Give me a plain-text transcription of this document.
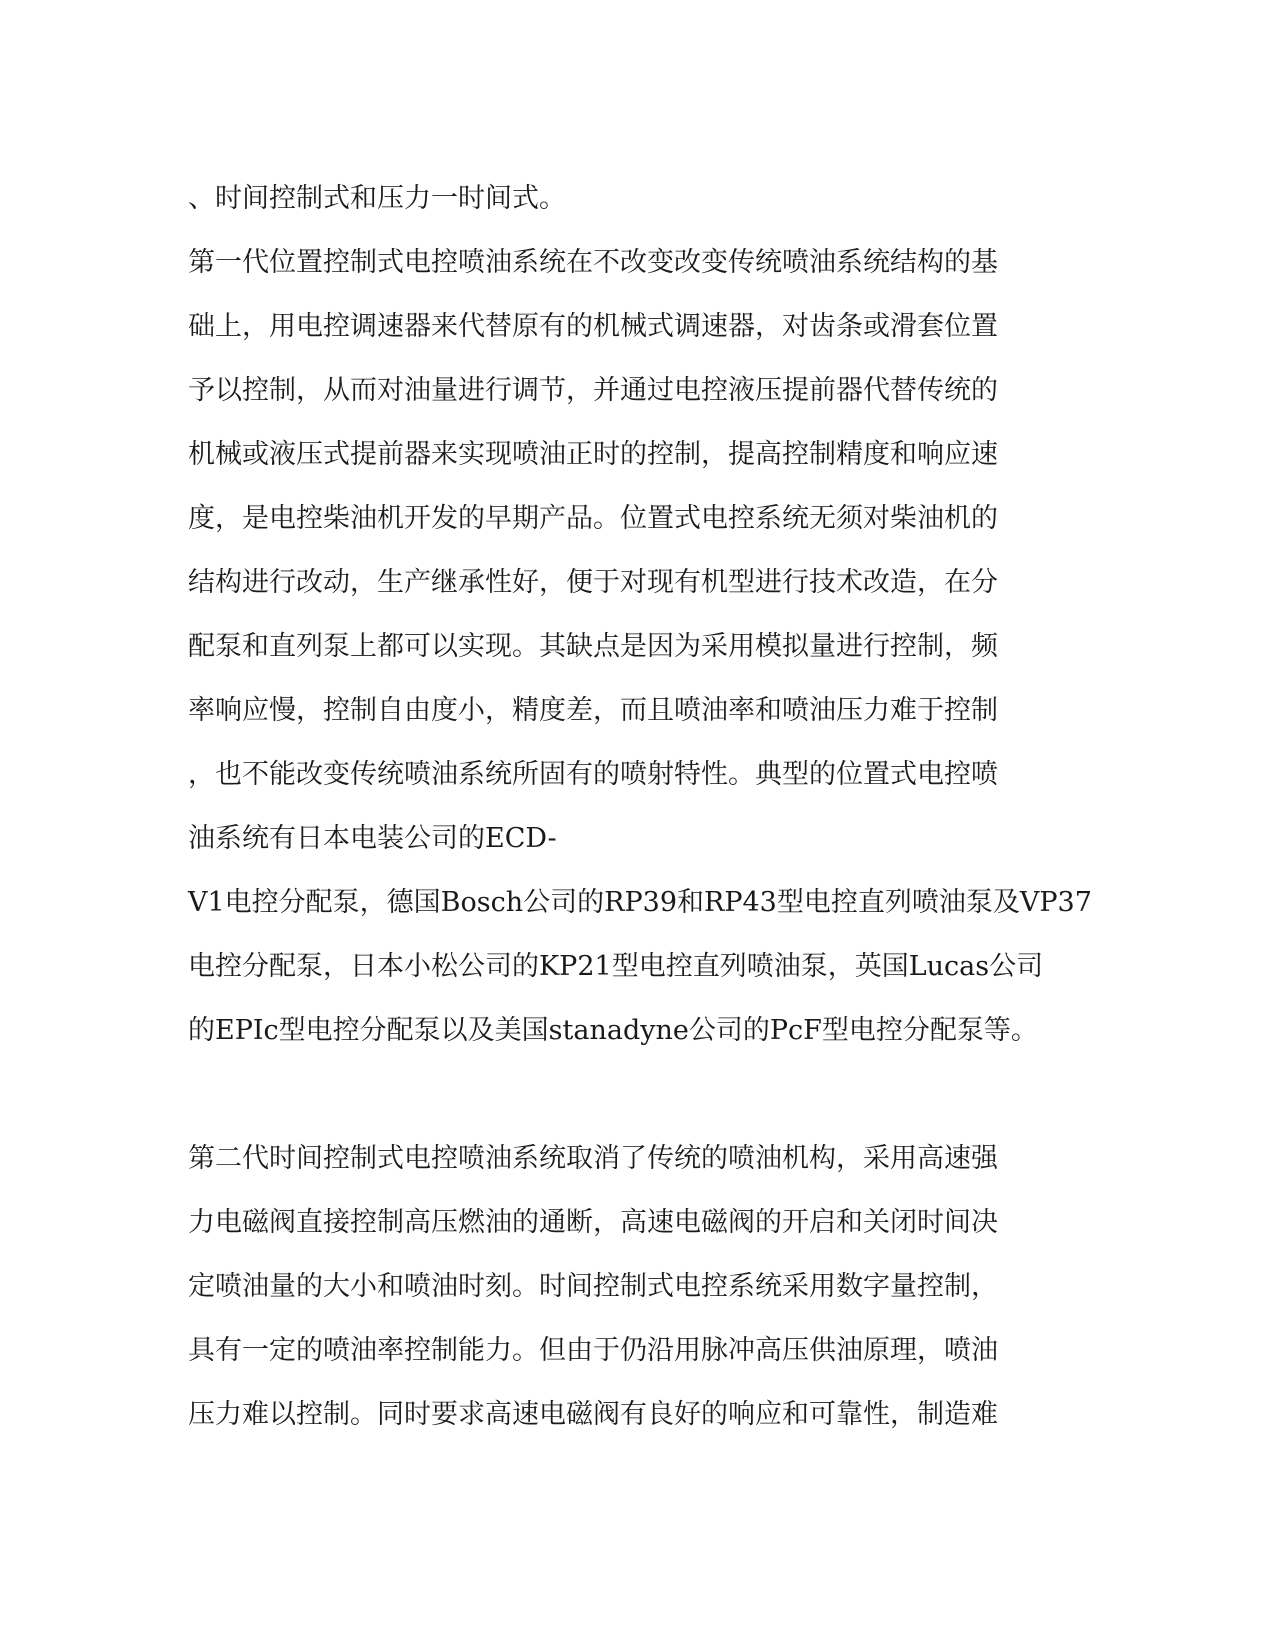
、时间控制式和压力一时间式。
第一代位置控制式电控喷油系统在不改变改变传统喷油系统结构的基
础上，用电控调速器来代替原有的机械式调速器，对齿条或滑套位置
予以控制，从而对油量进行调节，并通过电控液压提前器代替传统的
机械或液压式提前器来实现喷油正时的控制，提高控制精度和响应速
度，是电控柴油机开发的早期产品。位置式电控系统无须对柴油机的
结构进行改动，生产继承性好，便于对现有机型进行技术改造，在分
配泵和直列泵上都可以实现。其缺点是因为采用模拟量进行控制，频
率响应慢，控制自由度小，精度差，而且喷油率和喷油压力难于控制
，也不能改变传统喷油系统所固有的喷射特性。典型的位置式电控喷
油系统有日本电装公司的ECD-
V1电控分配泵，德国Bosch公司的RP39和RP43型电控直列喷油泵及VP37
电控分配泵，日本小松公司的KP21型电控直列喷油泵，英国Lucas公司
的EPIc型电控分配泵以及美国stanadyne公司的PcF型电控分配泵等。
第二代时间控制式电控喷油系统取消了传统的喷油机构，采用高速强
力电磁阀直接控制高压燃油的通断，高速电磁阀的开启和关闭时间决
定喷油量的大小和喷油时刻。时间控制式电控系统采用数字量控制，
具有一定的喷油率控制能力。但由于仍沿用脉冲高压供油原理，喷油
压力难以控制。同时要求高速电磁阀有良好的响应和可靠性，制造难
